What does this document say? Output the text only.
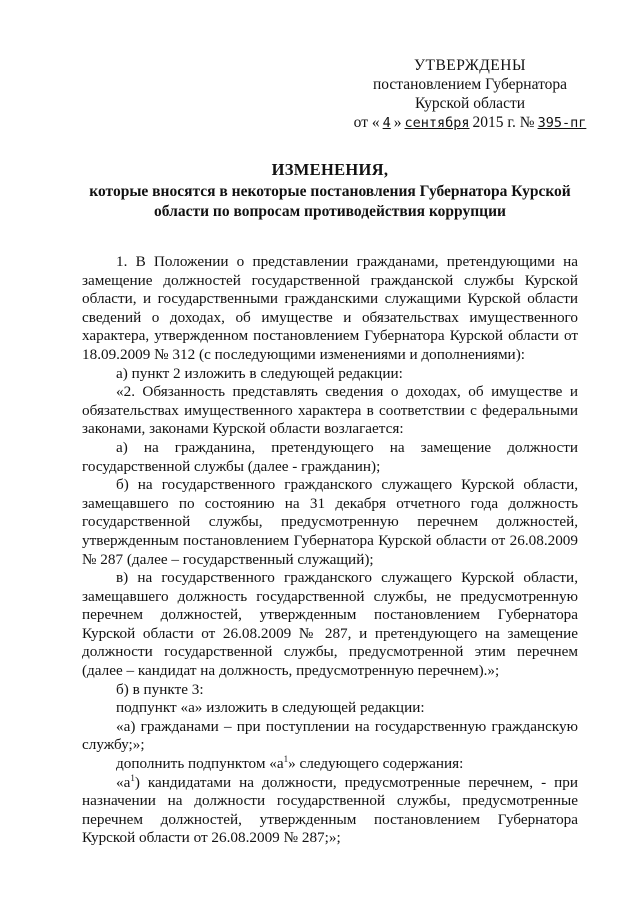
УТВЕРЖДЕНЫ
постановлением Губернатора
Курской области
от « 4 » сентября 2015 г. № 395-пг
ИЗМЕНЕНИЯ,
которые вносятся в некоторые постановления Губернатора Курской области по вопросам противодействия коррупции

1. В Положении о представлении гражданами, претендующими на замещение должностей государственной гражданской службы Курской области, и государственными гражданскими служащими Курской области сведений о доходах, об имуществе и обязательствах имущественного характера, утвержденном постановлением Губернатора Курской области от 18.09.2009 № 312 (с последующими изменениями и дополнениями):

а) пункт 2 изложить в следующей редакции:

«2. Обязанность представлять сведения о доходах, об имуществе и обязательствах имущественного характера в соответствии с федеральными законами, законами Курской области возлагается:

а) на гражданина, претендующего на замещение должности государственной службы (далее - гражданин);

б) на государственного гражданского служащего Курской области, замещавшего по состоянию на 31 декабря отчетного года должность государственной службы, предусмотренную перечнем должностей, утвержденным постановлением Губернатора Курской области от 26.08.2009 № 287 (далее – государственный служащий);

в) на государственного гражданского служащего Курской области, замещавшего должность государственной службы, не предусмотренную перечнем должностей, утвержденным постановлением Губернатора Курской области от 26.08.2009 № 287, и претендующего на замещение должности государственной службы, предусмотренной этим перечнем (далее – кандидат на должность, предусмотренную перечнем).»;

б) в пункте 3:

подпункт «а» изложить в следующей редакции:

«а) гражданами – при поступлении на государственную гражданскую службу;»;

дополнить подпунктом «$а^1$» следующего содержания:

«$а^1$) кандидатами на должности, предусмотренные перечнем, - при назначении на должности государственной службы, предусмотренные перечнем должностей, утвержденным постановлением Губернатора Курской области от 26.08.2009 № 287;»;
